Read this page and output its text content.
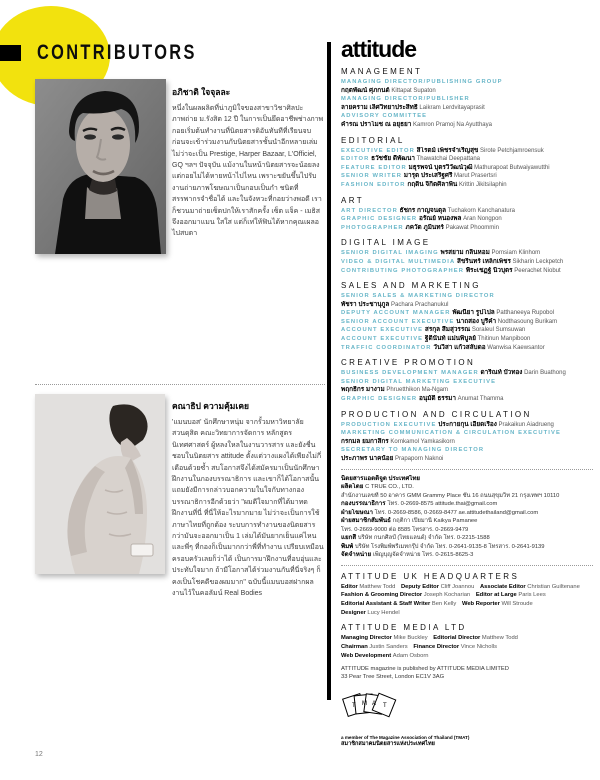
CONTRIBUTORS
อภิชาติ ใจจุลละ
หนึ่งในผลผลิตที่น่าภูมิใจของสาขาวิชาศิลปะภาพถ่าย ม.รังสิต 12 ปี ในการเป็นยึดอาชีพช่างภาพ กอยเริ่มต้นทำงานที่นิตยสารดิอันทันทีที่เรียนจบ ก่อนจะเข้าร่วมงานกับนิตยสารชั้นนำอีกหลายเล่ม ไม่ว่าจะเป็น Prestige, Harper Bazaar, L'Officiel, GQ ฯลฯ ปัจจุบัน แม้งานในหน้านิตยสารจะน้อยลง แต่กอยไม่ได้หายหน้าไปไหน เพราะขยันขึ้นไปรับงานถ่ายภาพโฆษณาเป็นกอบเป็นกำ ชนิดที่สรรพากรจำชื่อได้ และในจังหวะที่กอยว่างพอดี เราก็ชวนมาถ่ายเซ็ตปกให้เราสักครั้ง เซ็ต แจ็ค - เมธิส จึงออกมาแมน ใสใส แต่ก็เท่ให้ฟินได้หากคุณเผลอไปสบตา
คณาธิป ความคุ้มเคย
'แมนบอส' นักศึกษาหนุ่ม จากรั้วมหาวิทยาลัยสวนดุสิต คณะวิทยาการจัดการ หลักสูตรนิเทศศาสตร์ ผู้หลงใหลในงานวารสาร และยังชื่นชอบในนิตยสาร attitude ตั้งแต่วางแผงได้เพียงไม่กี่เดือนด้วยซ้ำ สบโอกาสจึงได้สมัครมาเป็นนักศึกษาฝึกงานในกองบรรณาธิการ และเขาก็ได้โอกาสนั้น แถมยังมีการกล่าวบอกความในใจกับทางกองบรรณาธิการอีกด้วยว่า "ผมดีใจมากที่ได้มาทดฝึกงานที่นี่ ที่นี่ให้อะไรมากมาย ไม่ว่าจะเป็นการใช้ภาษาไทยที่ถูกต้อง ระบบการทำงานของนิตยสารกว่ามันจะออกมาเป็น 1 เล่มได้มันยากเย็นแค่ไหน และพี่ๆ ที่กองก็เป็นมากกว่าพี่ที่ทำงาน เปรียบเหมือนครอบครัวเลยก็ว่าได้ เป็นการมาฝึกงานที่อบอุ่นและประทับใจมาก ถ้ามีโอกาสได้ร่วมงานกันที่นี่จริงๆ ก็คงเป็นโชคดีของผมมาก" ฉบับนี้แมนบอสฝากผลงานไว้ในคอลัมน์ Real Bodies
12
attitude
MANAGEMENT
MANAGING DIRECTOR/PUBLISHING GROUP
กฤตพัฒน์ ศุภกนต์ Kittapat Supaton
MANAGING DIRECTOR/PUBLISHER
ลายคราม เลิศวิทยาประสิทธิ์ Laikram Lerdvitayaprasit
ADVISORY COMMITTEE
คำรณ ปราโมช ณ อยุธยา Kamron Pramoj Na Ayutthaya
EDITORIAL
EXECUTIVE EDITOR สิโรตม์ เพ็ชรจำเริญสุข Sirote Petchjamroensuk
EDITOR ธวัชชัย ดีพัฒนา Thawatchai Deepattana
FEATURE EDITOR มธุรพจน์ บุตรวิวัฒน์วุฒิ Mathurapoat Butwaiyawutthi
SENIOR WRITER มารุต ประเสริฐศรี Marut Prasertsri
FASHION EDITOR กฤติน จิกิตศิลาพิน Krittin Jikitsilaphin
ART
ART DIRECTOR ธัชกร กาญจนตุล Tuchakorn Kanchanatura
GRAPHIC DESIGNER อรัณย์ หนองพล Aran Nongpon
PHOTOGRAPHER ภควัต ภูมินทร์ Pakawat Phoommin
DIGITAL IMAGE
SENIOR DIGITAL IMAGING พรสยาม กลิ่นหอม Pornsiam Klinhom
VIDEO & DIGITAL MULTIMEDIA สิขรินทร์ เหล็กเพ็ชร Sikharin Leckpetch
CONTRIBUTING PHOTOGRAPHER พีระเชฏฐ์ นิวบุตร Peerachet Niobut
SALES AND MARKETING
SENIOR SALES & MARKETING DIRECTOR
พัชรา ประชานุกูล Pachara Prachanukul
DEPUTY ACCOUNT MANAGER พัฒนียา รูปโปล Patthaneeya Rupobol
SENIOR ACCOUNT EXECUTIVE นาถสอง บูรีคำ Nodthasoung Burikam
ACCOUNT EXECUTIVE สรกุล สีมสุวรรณ Soraleul Sumsuwan
ACCOUNT EXECUTIVE ฐิตินันท์ แม่นพิบูลย์ Thitinun Manpiboon
TRAFFIC COORDINATOR วันวิสา แก้วสลับดอ Wanwisa Kaewsantor
CREATIVE PROMOTION
BUSINESS DEVELOPMENT MANAGER ดาริณท์ บัวทอง Darin Buathong
SENIOR DIGITAL MARKETING EXECUTIVE
พฤกธิกร มางาม Phruetthikon Ma-Ngam
GRAPHIC DESIGNER อนุมัติ ธรรมา Anumat Thamma
PRODUCTION AND CIRCULATION
PRODUCTION EXECUTIVE ประกายกุน เอียดเรือง Prakaikun Aiadrueng
MARKETING COMMUNICATION & CIRCULATION EXECUTIVE
กรกมล ยมกาสิกร Kornkamol Yamkasikorn
SECRETARY TO MANAGING DIRECTOR
ประภาพร นาคน้อย Prapaporn Naknoi
นิตยสารแอตติจูด ประเทศไทย
ผลิตโดย C TRUE CO., LTD.
สำนักงานเลขที่ 50 อาคาร GMM Grammy Place ชั้น 16 ถนนสุขุมวิท 21 กรุงเทพฯ 10110
กองบรรณาธิการ โทร. 0-2669-8575 attitude.thai@gmail.com
ฝ่ายโฆษณา โทร. 0-2669-8586, 0-2669-8477 ae.attitudethailand@gmail.com
ฝ่ายสมาชิกสัมพันธ์ กฤติกา เปียมานี Kaikya Pamanee
โทร. 0-2669-9000 ต่อ 8585 โทรสาร. 0-2669-9479
แยกสี บริษัท กนกศิลป์ (ไทยแลนด์) จำกัด โทร. 0-2215-1588
พิมพ์ บริษัท โรงพิมพ์พรีเมทกรุ๊ป จำกัด โทร. 0-2641-9135-8 โทรสาร. 0-2641-9139
จัดจำหน่าย เพ็ญบุญจัดจำหน่าย โทร. 0-2615-8625-3
ATTITUDE UK HEADQUARTERS
Editor Matthew Todd Deputy Editor Cliff Joannou Associate Editor Christian Guiltenane
Fashion & Grooming Director Joseph Kocharian Editor at Large Paris Lees
Editorial Assistant & Staff Writer Ben Kelly Web Reporter Will Stroude
Designer Lucy Hendel
ATTITUDE MEDIA LTD
Managing Director Mike Buckley Editorial Director Matthew Todd
Chairman Justin Sanders Finance Director Vince Nicholls
Web Development Adam Osborn
ATTITUDE magazine is published by ATTITUDE MEDIA LIMITED
33 Pear Tree Street, London EC1V 3AG
T M A T
a member of The Magazine Association of Thailand (TMAT)
สมาชิกสมาคมนิตยสารแห่งประเทศไทย
